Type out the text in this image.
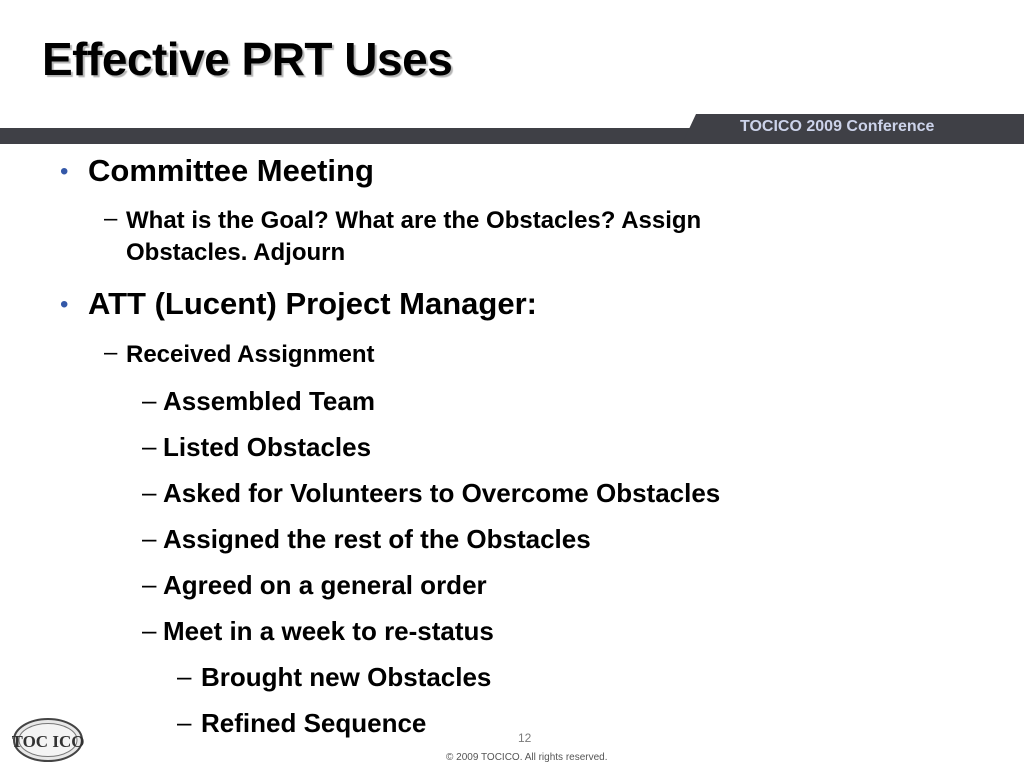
Effective PRT Uses
TOCICO 2009 Conference
• Committee Meeting
– What is the Goal? What are the Obstacles? Assign
Obstacles. Adjourn
• ATT (Lucent) Project Manager:
– Received Assignment
– Assembled Team
– Listed Obstacles
– Asked for Volunteers to Overcome Obstacles
– Assigned the rest of the Obstacles
– Agreed on a general order
– Meet in a week to re-status
– Brought new Obstacles
– Refined Sequence	12
© 2009 TOCICO. All rights reserved.
TOC ICO
